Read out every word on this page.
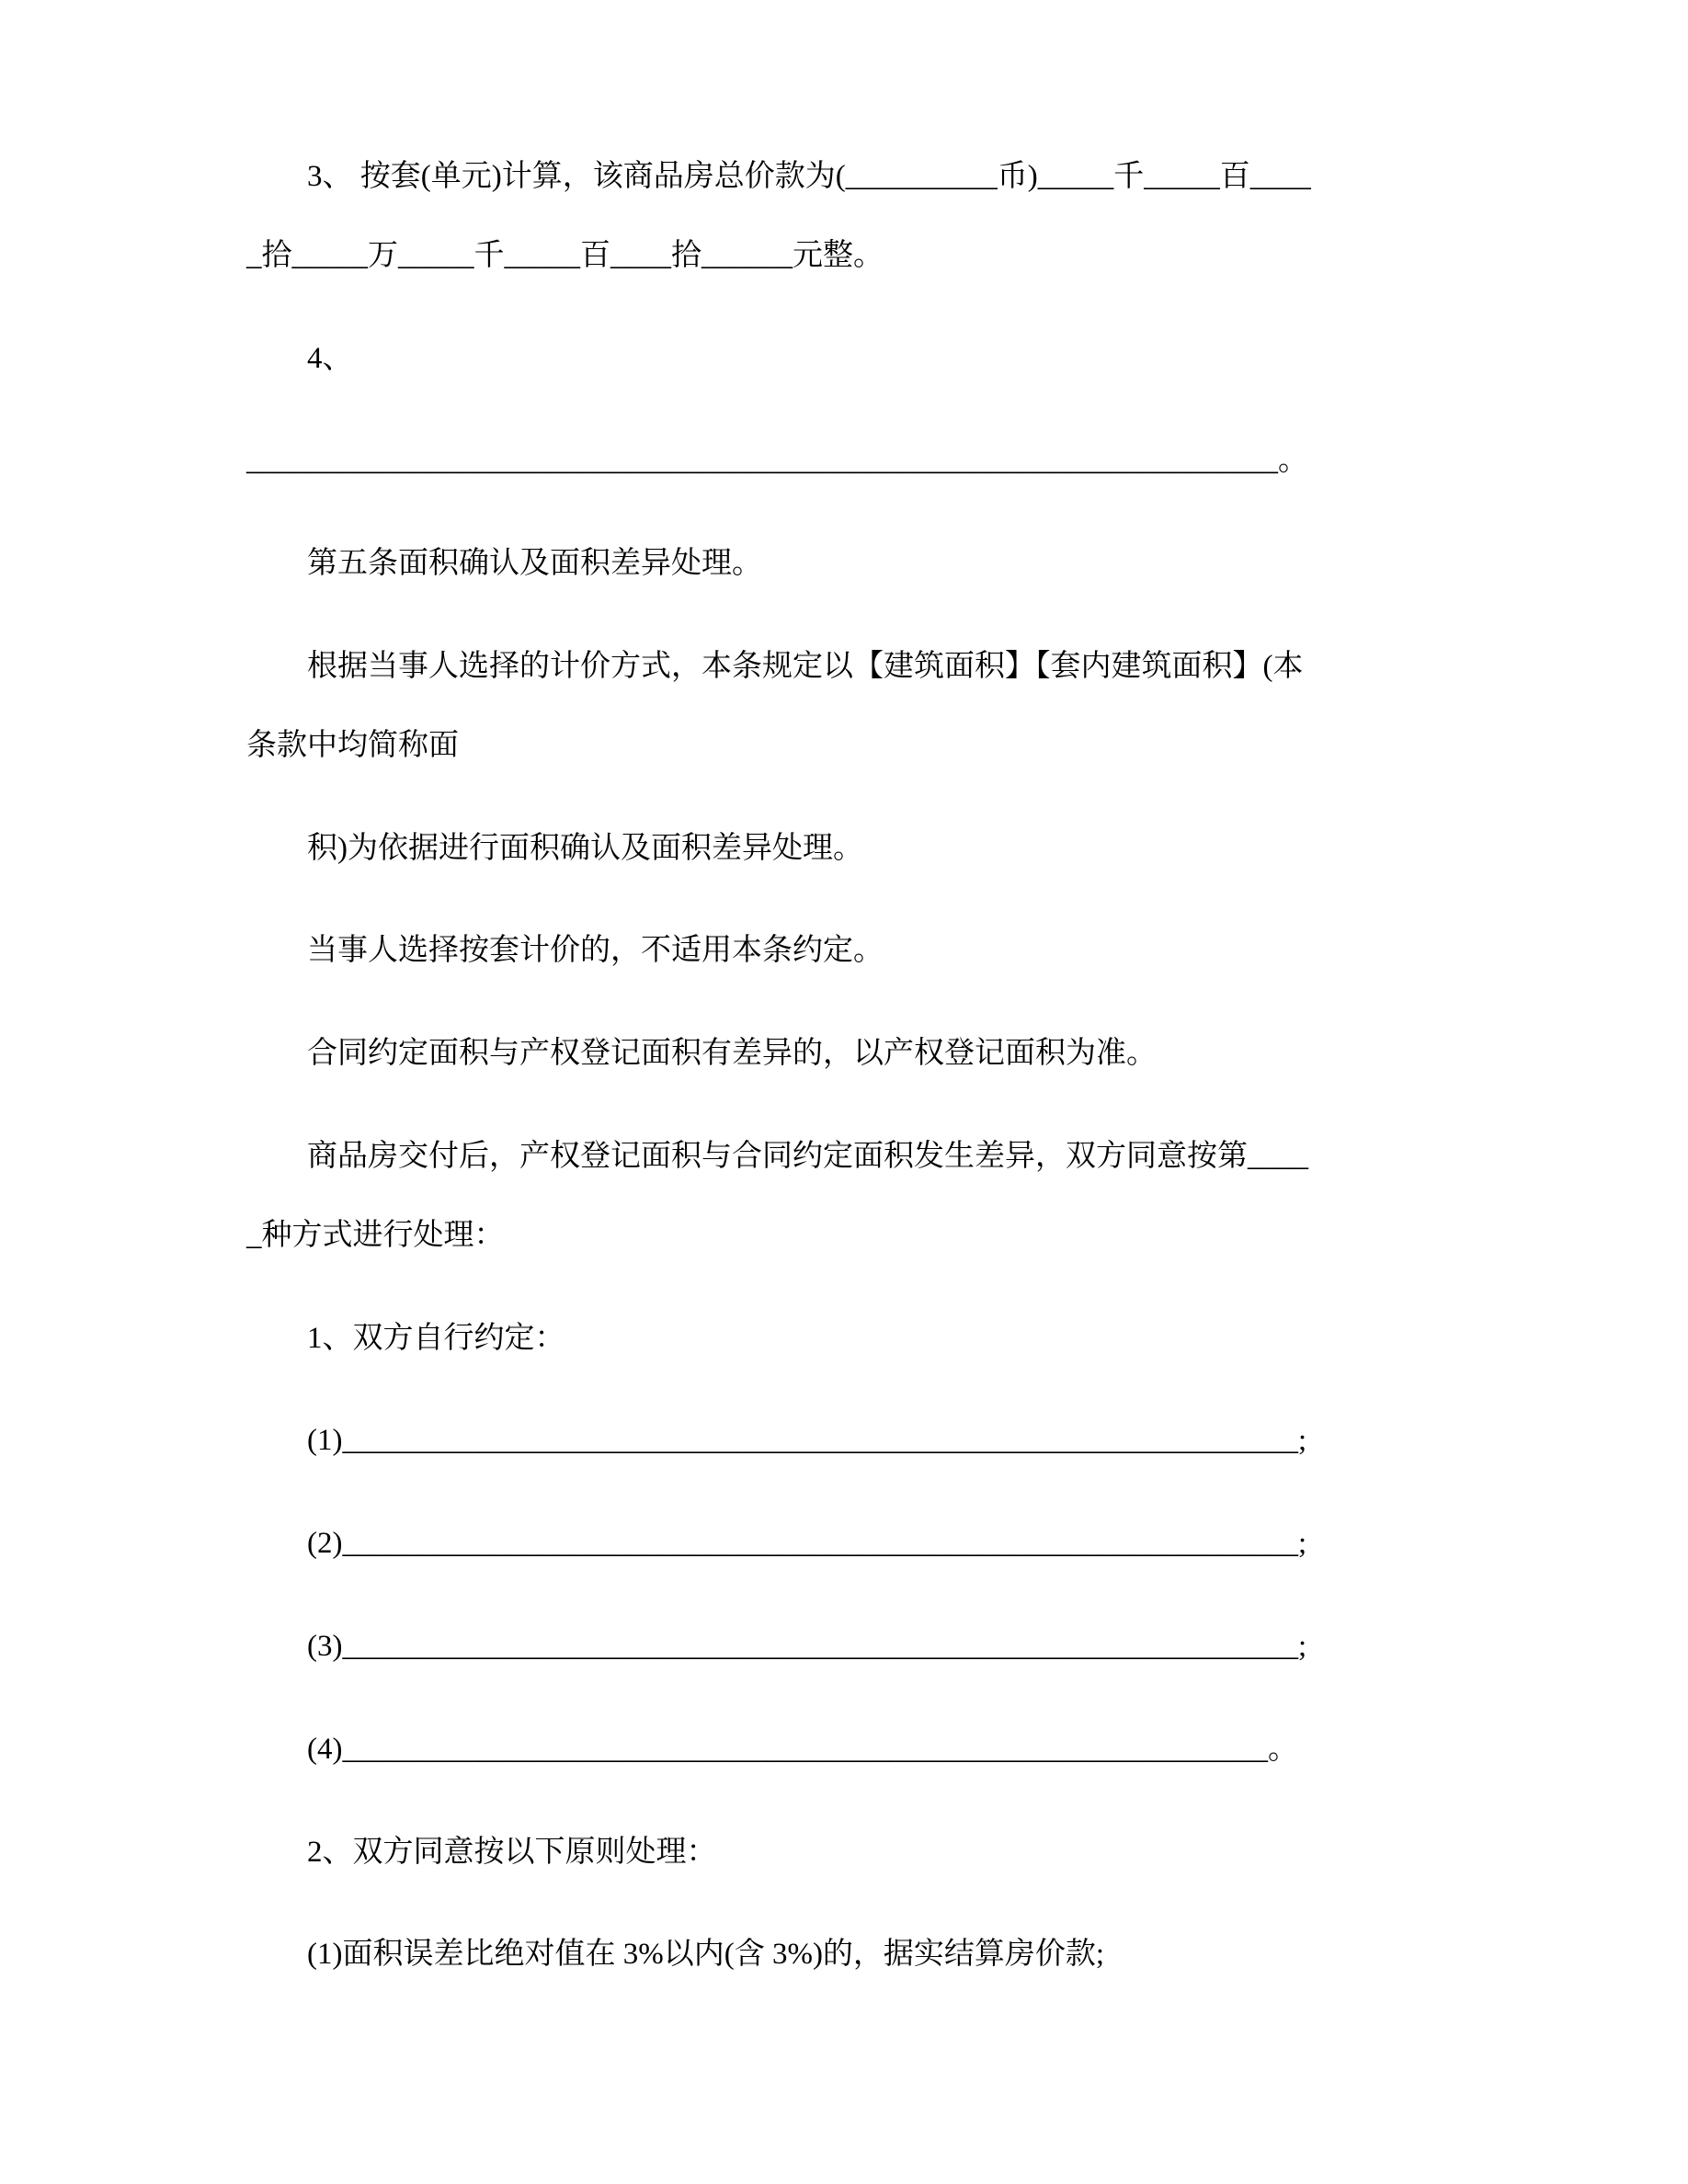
3、 按套(单元)计算，该商品房总价款为(__________币)_____千_____百_____拾_____万_____千_____百____拾______元整。

4、

____________________________________________________________________。

第五条面积确认及面积差异处理。

根据当事人选择的计价方式，本条规定以【建筑面积】【套内建筑面积】(本条款中均简称面

积)为依据进行面积确认及面积差异处理。

当事人选择按套计价的，不适用本条约定。

合同约定面积与产权登记面积有差异的，以产权登记面积为准。

商品房交付后，产权登记面积与合同约定面积发生差异，双方同意按第_____种方式进行处理：

1、双方自行约定：

(1)_______________________________________________________________;

(2)_______________________________________________________________;

(3)_______________________________________________________________;

(4)_____________________________________________________________。

2、双方同意按以下原则处理：

(1)面积误差比绝对值在 3%以内(含 3%)的，据实结算房价款;
